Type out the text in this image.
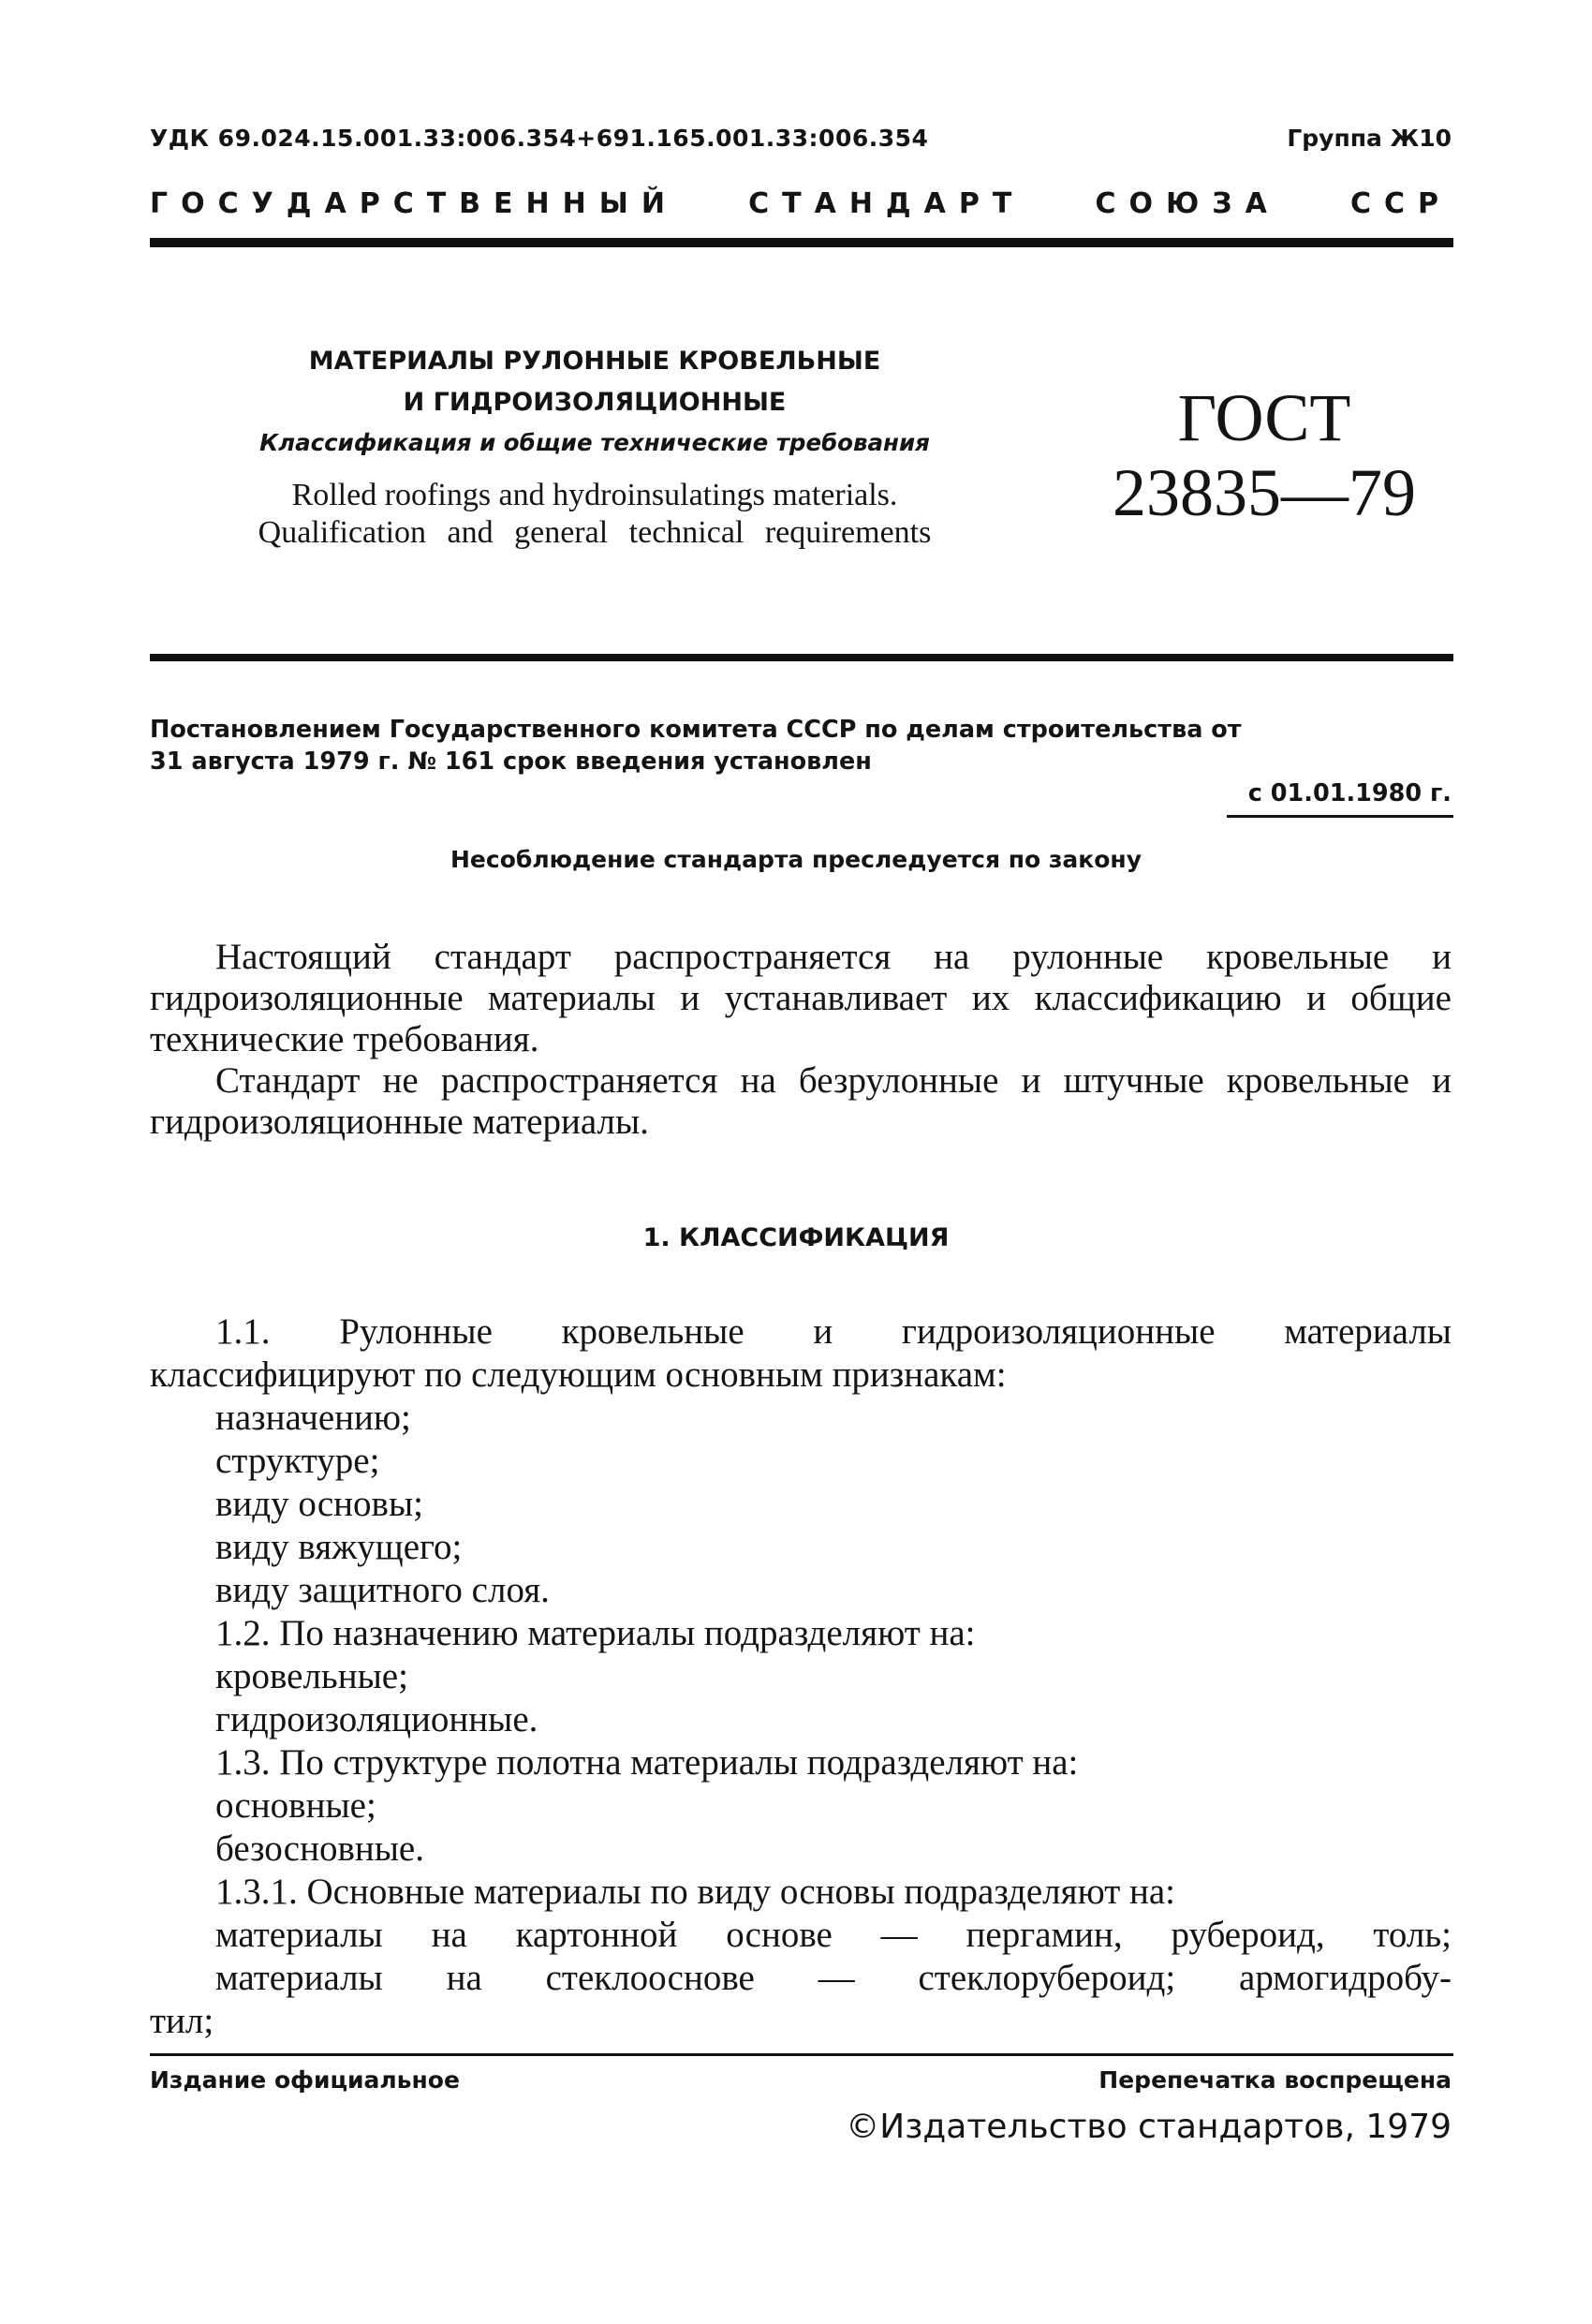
УДК 69.024.15.001.33:006.354+691.165.001.33:006.354	Группа Ж10
ГОСУДАРСТВЕННЫЙ	СТАНДАРТ	СОЮЗА	ССР
МАТЕРИАЛЫ РУЛОННЫЕ КРОВЕЛЬНЫЕ
И ГИДРОИЗОЛЯЦИОННЫЕ
Классификация и общие технические требования
Rolled roofings and hydroinsulatings materials.
Qualification and general technical requirements
ГОСТ
23835—79
Постановлением Государственного комитета СССР по делам строительства от
31 августа 1979 г. № 161 срок введения установлен
с 01.01.1980 г.
Несоблюдение стандарта преследуется по закону
Настоящий стандарт распространяется на рулонные кровельные и гидроизоляционные материалы и устанавливает их классификацию и общие технические требования.
Стандарт не распространяется на безрулонные и штучные кровельные и гидроизоляционные материалы.
1. КЛАССИФИКАЦИЯ
1.1. Рулонные кровельные и гидроизоляционные материалы
классифицируют по следующим основным признакам:
назначению;
структуре;
виду основы;
виду вяжущего;
виду защитного слоя.
1.2. По назначению материалы подразделяют на:
кровельные;
гидроизоляционные.
1.3. По структуре полотна материалы подразделяют на:
основные;
безосновные.
1.3.1. Основные материалы по виду основы подразделяют на:
материалы на картонной основе — пергамин, рубероид, толь;
материалы на стеклооснове — стеклорубероид; армогидробу-
тил;
Издание официальное	Перепечатка воспрещена
©Издательство стандартов, 1979
